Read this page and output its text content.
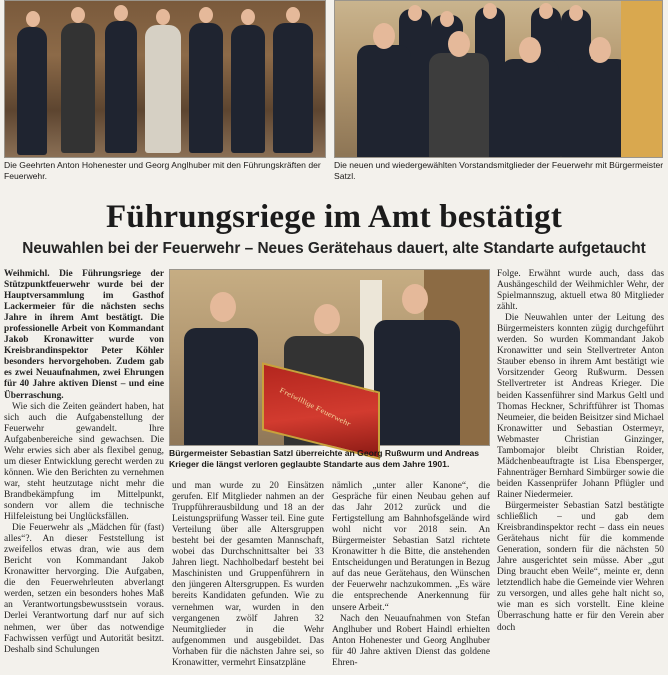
Die Geehrten Anton Hohenester und Georg Anglhuber mit den Führungskräften der Feuerwehr.
Die neuen und wiedergewählten Vorstandsmitglieder der Feuerwehr mit Bürgermeister Satzl.
Führungsriege im Amt bestätigt
Neuwahlen bei der Feuerwehr – Neues Gerätehaus dauert, alte Standarte aufgetaucht

Weihmichl. Die Führungsriege der Stützpunktfeuerwehr wurde bei der Hauptversammlung im Gasthof Lackermeier für die nächsten sechs Jahre in ihrem Amt bestätigt. Die professionelle Arbeit von Kommandant Jakob Kronawitter wurde von Kreisbrandinspektor Peter Köhler besonders hervorgehoben. Zudem gab es zwei Neuaufnahmen, zwei Ehrungen für 40 Jahre aktiven Dienst – und eine Überraschung.

Wie sich die Zeiten geändert haben, hat sich auch die Aufgabenstellung der Feuerwehr gewandelt. Ihre Aufgabenbereiche sind gewachsen. Die Wehr erwies sich aber als flexibel genug, um dieser Entwicklung gerecht werden zu können. Wie den Berichten zu vernehmen war, steht heutzutage nicht mehr die Brandbekämpfung im Mittelpunkt, sondern vor allem die technische Hilfeleistung bei Unglücksfällen.

Die Feuerwehr als „Mädchen für (fast) alles“?. An dieser Feststellung ist zweifellos etwas dran, wie aus dem Bericht von Kommandant Jakob Kronawitter hervorging. Die Aufgaben, die den Feuerwehrleuten abverlangt werden, setzen ein besonders hohes Maß an Verantwortungsbewusstsein voraus. Derlei Verantwortung darf nur auf sich nehmen, wer über das notwendige Fachwissen verfügt und Autorität besitzt. Deshalb sind Schulungen

Freiwillige Feuerwehr
Bürgermeister Sebastian Satzl überreichte an Georg Rußwurm und Andreas Krieger die längst verloren geglaubte Standarte aus dem Jahre 1901.

und man wurde zu 20 Einsätzen gerufen. Elf Mitglieder nahmen an der Truppführerausbildung und 18 an der Leistungsprüfung Wasser teil. Eine gute Verteilung über alle Altersgruppen besteht bei der gesamten Mannschaft, wobei das Durchschnittsalter bei 33 Jahren liegt. Nachholbedarf besteht bei Maschinisten und Gruppenführern in den jüngeren Altersgruppen. Es wurden bereits Kandidaten gefunden. Wie zu vernehmen war, wurden in den vergangenen zwölf Jahren 32 Neumitglieder in die Wehr aufgenommen und ausgebildet. Das Vorhaben für die nächsten Jahre sei, so Kronawitter, vermehrt Einsatzpläne

nämlich „unter aller Kanone“, die Gespräche für einen Neubau gehen auf das Jahr 2012 zurück und die Fertigstellung am Bahnhofsgelände wird wohl nicht vor 2018 sein. An Bürgermeister Sebastian Satzl richtete Kronawitter h die Bitte, die anstehenden Entscheidungen und Beratungen in Bezug auf das neue Gerätehaus, den Wünschen der Feuerwehr nachzukommen. „Es wäre die entsprechende Anerkennung für unsere Arbeit.“

Nach den Neuaufnahmen von Stefan Anglhuber und Robert Haindl erhielten Anton Hohenester und Georg Anglhuber für 40 Jahre aktiven Dienst das goldene Ehren-

Folge. Erwähnt wurde auch, dass das Aushängeschild der Weihmichler Wehr, der Spielmannszug, aktuell etwa 80 Mitglieder zählt.

Die Neuwahlen unter der Leitung des Bürgermeisters konnten zügig durchgeführt werden. So wurden Kommandant Jakob Kronawitter und sein Stellvertreter Anton Stauber ebenso in ihrem Amt bestätigt wie Vorsitzender Georg Rußwurm. Dessen Stellvertreter ist Andreas Krieger. Die beiden Kassenführer sind Markus Geltl und Thomas Heckner, Schriftführer ist Thomas Neumeier, die beiden Beisitzer sind Michael Kronawitter und Sebastian Ostermeyr, Webmaster Christian Ginzinger, Tambomajor bleibt Christian Roider, Mädchenbeauftragte ist Lisa Ebensperger, Fahnenträger Bernhard Simbürger sowie die beiden Kassenprüfer Johann Pflügler und Rainer Niedermeier.

Bürgermeister Sebastian Satzl bestätigte schließlich – und gab dem Kreisbrandinspektor recht – dass ein neues Gerätehaus nicht für die kommende Generation, sondern für die nächsten 50 Jahre ausgerichtet sein müsse. Aber „gut Ding braucht eben Weile“, meinte er, denn letztendlich habe die Gemeinde vier Wehren zu versorgen, und alles gehe halt nicht so, wie man es sich vorstellt. Eine kleine Überraschung hatte er für den Verein aber doch
